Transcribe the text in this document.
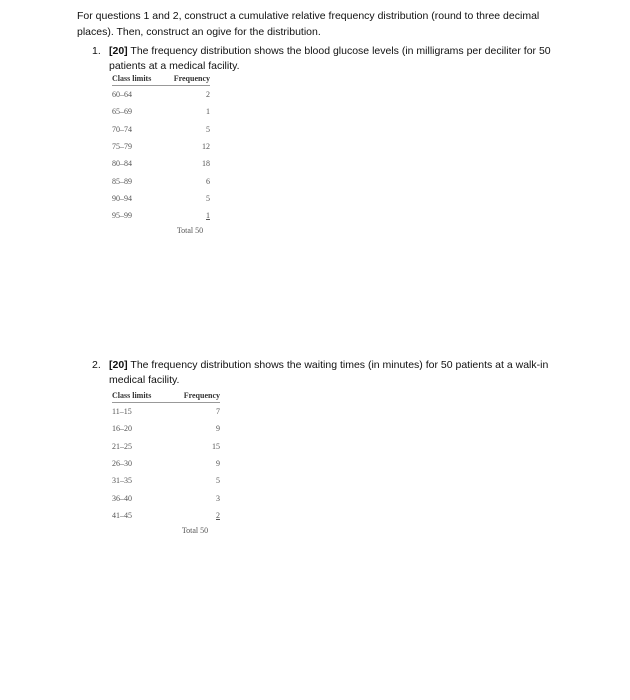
For questions 1 and 2, construct a cumulative relative frequency distribution (round to three decimal places). Then, construct an ogive for the distribution.
1. [20] The frequency distribution shows the blood glucose levels (in milligrams per deciliter for 50 patients at a medical facility.
Class limits	Frequency
60–64	2
65–69	1
70–74	5
75–79	12
80–84	18
85–89	6
90–94	5
95–99	1
Total 50
2. [20] The frequency distribution shows the waiting times (in minutes) for 50 patients at a walk-in medical facility.
Class limits	Frequency
11–15	7
16–20	9
21–25	15
26–30	9
31–35	5
36–40	3
41–45	2
Total 50
